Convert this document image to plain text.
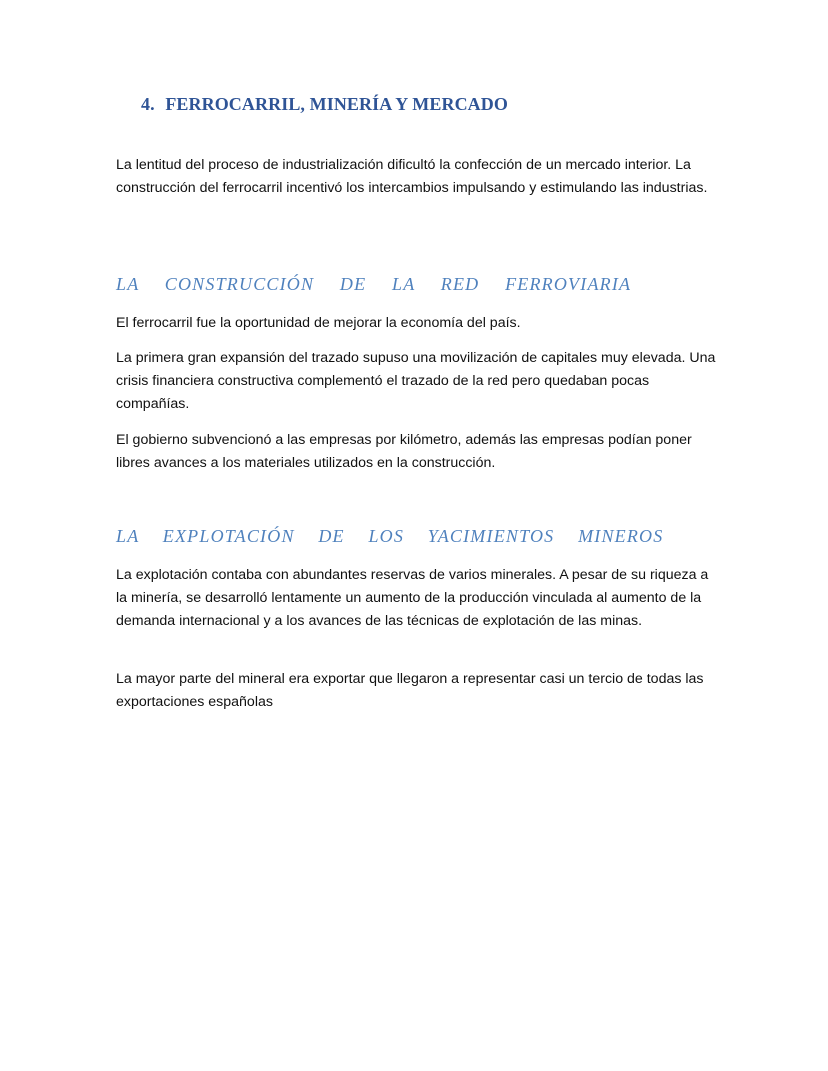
4. FERROCARRIL, MINERÍA Y MERCADO

La lentitud del proceso de industrialización dificultó la confección de un mercado interior. La construcción del ferrocarril incentivó los intercambios impulsando y estimulando las industrias.

LA CONSTRUCCIÓN DE LA RED FERROVIARIA

El ferrocarril fue la oportunidad de mejorar la economía del país.

La primera gran expansión del trazado supuso una movilización de capitales muy elevada. Una crisis financiera constructiva complementó el trazado de la red pero quedaban pocas compañías.

El gobierno subvencionó a las empresas por kilómetro, además las empresas podían poner libres avances a los materiales utilizados en la construcción.

LA EXPLOTACIÓN DE LOS YACIMIENTOS MINEROS

La explotación contaba con abundantes reservas de varios minerales. A pesar de su riqueza a la minería, se desarrolló lentamente un aumento de la producción vinculada al aumento de la demanda internacional y a los avances de las técnicas de explotación de las minas.

La mayor parte del mineral era exportar que llegaron a representar casi un tercio de todas las exportaciones españolas
